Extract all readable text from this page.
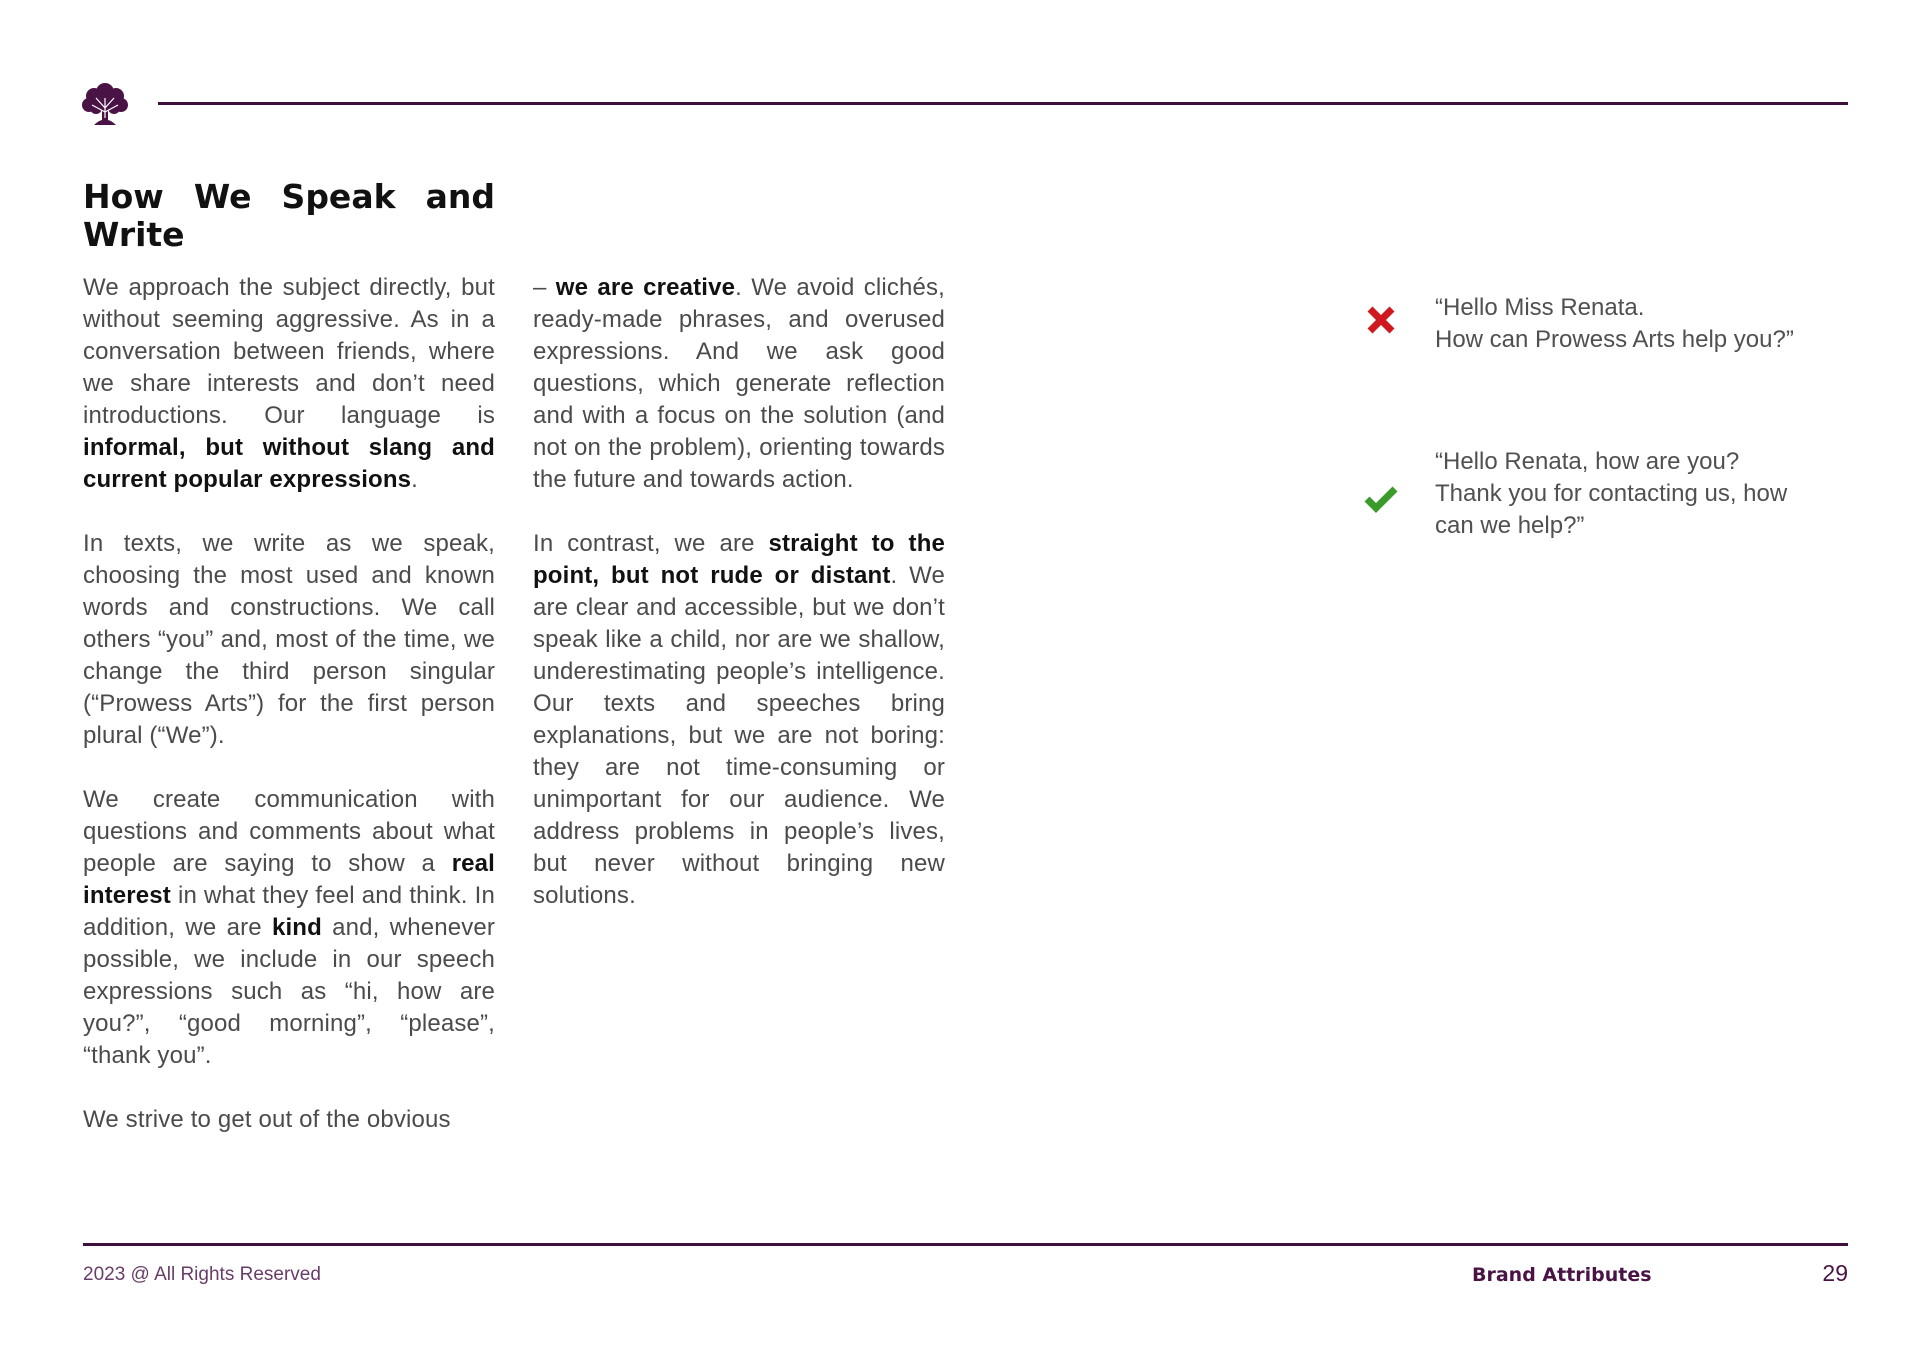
How We Speak and Write

We approach the subject directly, but without seeming aggressive. As in a conversation between friends, where we share interests and don’t need introductions. Our language is informal, but without slang and current popular expressions.

In texts, we write as we speak, choosing the most used and known words and constructions. We call others “you” and, most of the time, we change the third person singular (“Prowess Arts”) for the first person plural (“We”).

We create communication with questions and comments about what people are saying to show a real interest in what they feel and think. In addition, we are kind and, whenever possible, we include in our speech expressions such as “hi, how are you?”, “good morning”, “please”, “thank you”.

We strive to get out of the obvious

– we are creative. We avoid clichés, ready-made phrases, and overused expressions. And we ask good questions, which generate reflection and with a focus on the solution (and not on the problem), orienting towards the future and towards action.

In contrast, we are straight to the point, but not rude or distant. We are clear and accessible, but we don’t speak like a child, nor are we shallow, underestimating people’s intelligence. Our texts and speeches bring explanations, but we are not boring: they are not time-consuming or unimportant for our audience. We address problems in people’s lives, but never without bringing new solutions.

“Hello Miss Renata.
How can Prowess Arts help you?”
“Hello Renata, how are you?
Thank you for contacting us, how
can we help?”
2023 @ All Rights Reserved	Brand Attributes	29
